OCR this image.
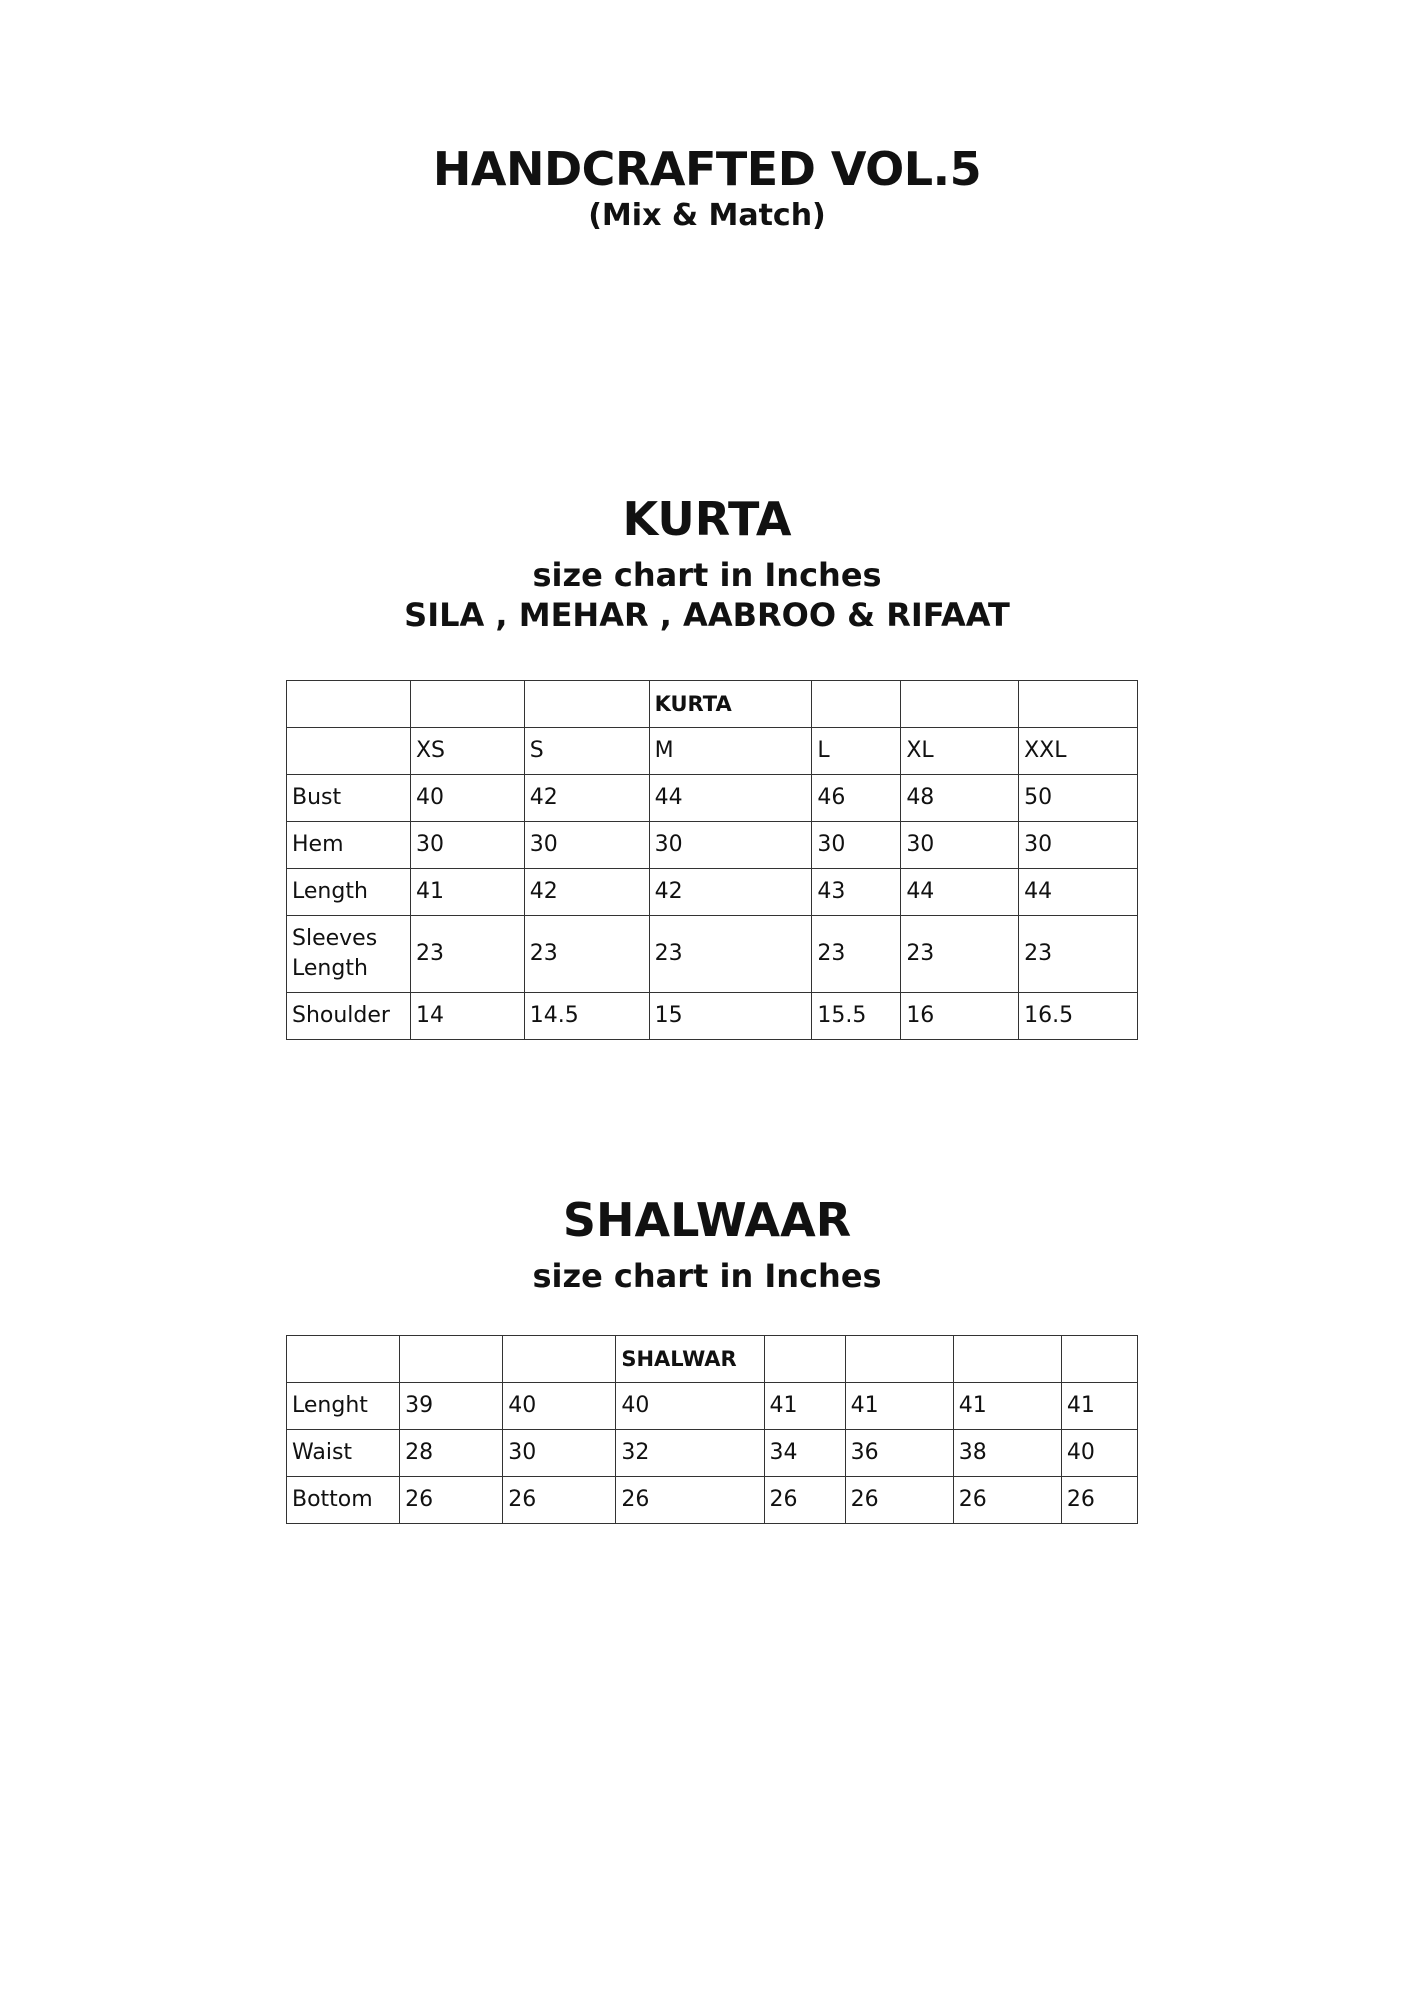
HANDCRAFTED VOL.5
(Mix & Match)
KURTA
size chart in Inches
SILA , MEHAR , AABROO & RIFAAT
			KURTA			
	XS	S	M	L	XL	XXL
Bust	40	42	44	46	48	50
Hem	30	30	30	30	30	30
Length	41	42	42	43	44	44
Sleeves Length	23	23	23	23	23	23
Shoulder	14	14.5	15	15.5	16	16.5
SHALWAAR
size chart in Inches
			SHALWAR				
Lenght	39	40	40	41	41	41	41
Waist	28	30	32	34	36	38	40
Bottom	26	26	26	26	26	26	26
